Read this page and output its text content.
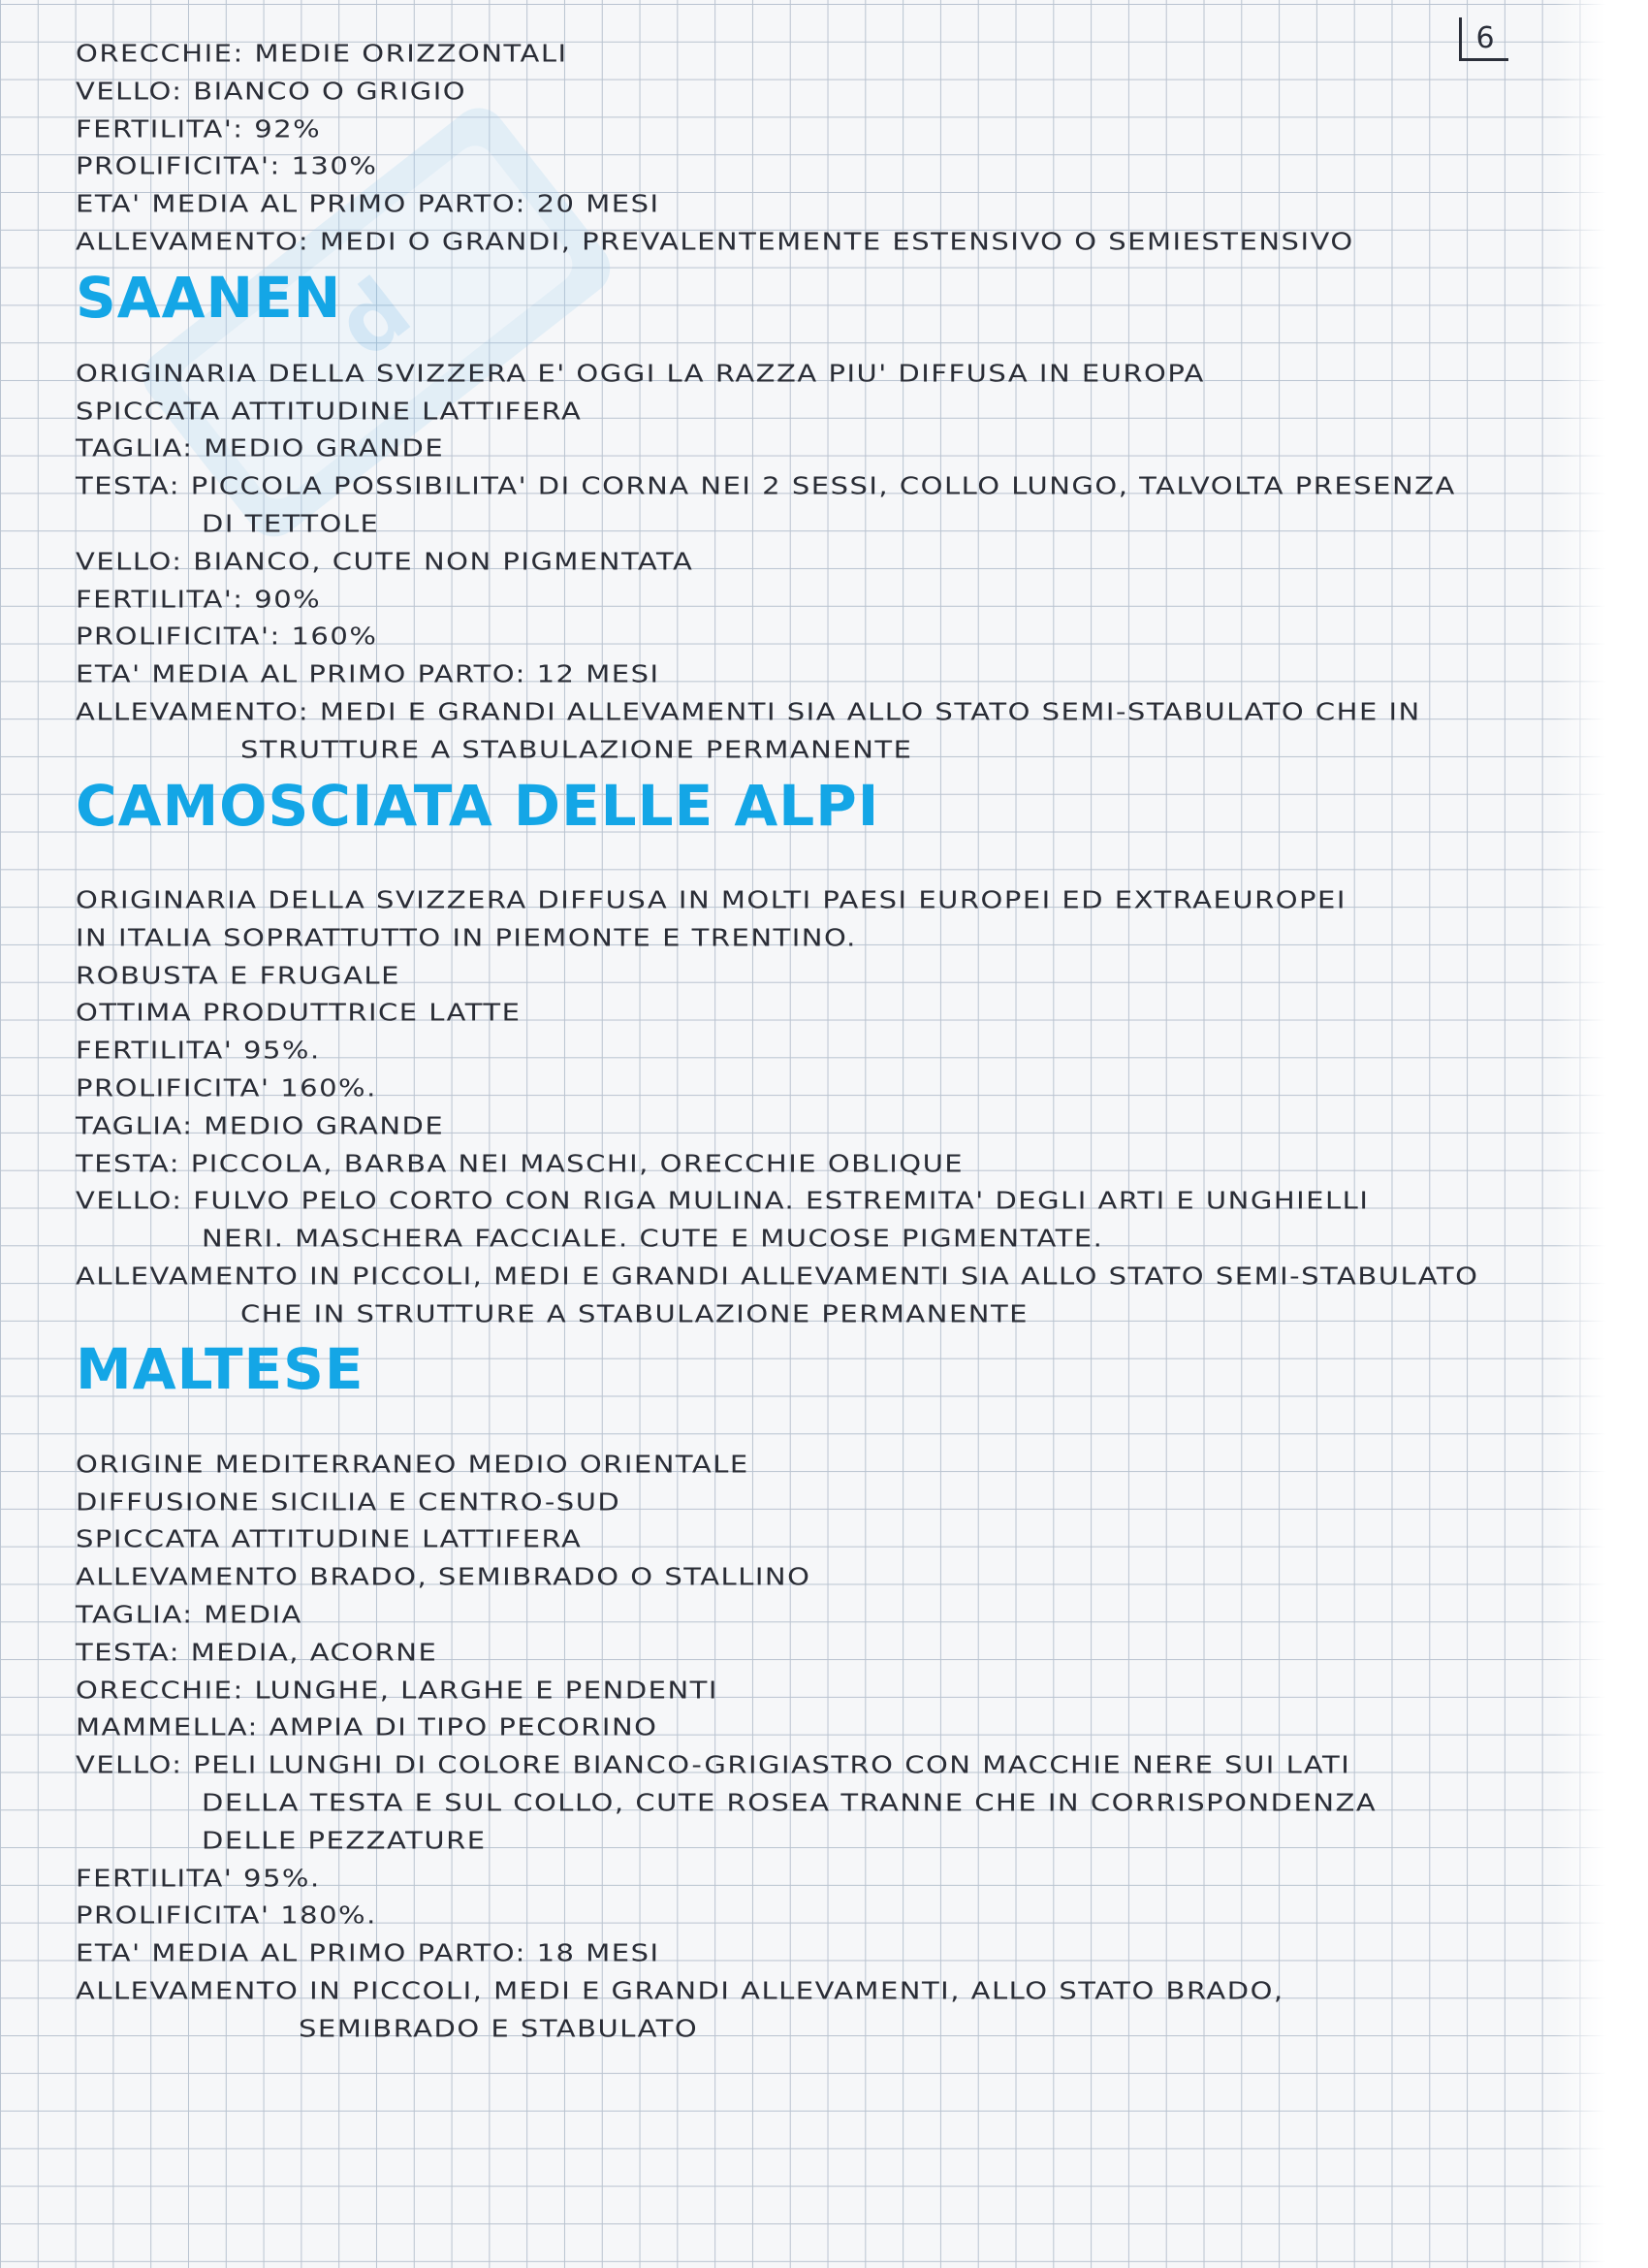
d
6
ORECCHIE: MEDIE ORIZZONTALI
VELLO: BIANCO O GRIGIO
FERTILITA': 92%
PROLIFICITA': 130%
ETA' MEDIA AL PRIMO PARTO: 20 MESI
ALLEVAMENTO: MEDI O GRANDI, PREVALENTEMENTE ESTENSIVO O SEMIESTENSIVO
SAANEN
ORIGINARIA DELLA SVIZZERA E' OGGI LA RAZZA PIU' DIFFUSA IN EUROPA
SPICCATA ATTITUDINE LATTIFERA
TAGLIA: MEDIO GRANDE
TESTA: PICCOLA POSSIBILITA' DI CORNA NEI 2 SESSI, COLLO LUNGO, TALVOLTA PRESENZA
DI TETTOLE
VELLO: BIANCO, CUTE NON PIGMENTATA
FERTILITA': 90%
PROLIFICITA': 160%
ETA' MEDIA AL PRIMO PARTO: 12 MESI
ALLEVAMENTO: MEDI E GRANDI ALLEVAMENTI SIA ALLO STATO SEMI-STABULATO CHE IN
STRUTTURE A STABULAZIONE PERMANENTE
CAMOSCIATA DELLE ALPI
ORIGINARIA DELLA SVIZZERA DIFFUSA IN MOLTI PAESI EUROPEI ED EXTRAEUROPEI
IN ITALIA SOPRATTUTTO IN PIEMONTE E TRENTINO.
ROBUSTA E FRUGALE
OTTIMA PRODUTTRICE LATTE
FERTILITA' 95%.
PROLIFICITA' 160%.
TAGLIA: MEDIO GRANDE
TESTA: PICCOLA, BARBA NEI MASCHI, ORECCHIE OBLIQUE
VELLO: FULVO PELO CORTO CON RIGA MULINA. ESTREMITA' DEGLI ARTI E UNGHIELLI
NERI. MASCHERA FACCIALE. CUTE E MUCOSE PIGMENTATE.
ALLEVAMENTO IN PICCOLI, MEDI E GRANDI ALLEVAMENTI SIA ALLO STATO SEMI-STABULATO
CHE IN STRUTTURE A STABULAZIONE PERMANENTE
MALTESE
ORIGINE MEDITERRANEO MEDIO ORIENTALE
DIFFUSIONE SICILIA E CENTRO-SUD
SPICCATA ATTITUDINE LATTIFERA
ALLEVAMENTO BRADO, SEMIBRADO O STALLINO
TAGLIA: MEDIA
TESTA: MEDIA, ACORNE
ORECCHIE: LUNGHE, LARGHE E PENDENTI
MAMMELLA: AMPIA DI TIPO PECORINO
VELLO: PELI LUNGHI DI COLORE BIANCO-GRIGIASTRO CON MACCHIE NERE SUI LATI
DELLA TESTA E SUL COLLO, CUTE ROSEA TRANNE CHE IN CORRISPONDENZA
DELLE PEZZATURE
FERTILITA' 95%.
PROLIFICITA' 180%.
ETA' MEDIA AL PRIMO PARTO: 18 MESI
ALLEVAMENTO IN PICCOLI, MEDI E GRANDI ALLEVAMENTI, ALLO STATO BRADO,
SEMIBRADO E STABULATO
